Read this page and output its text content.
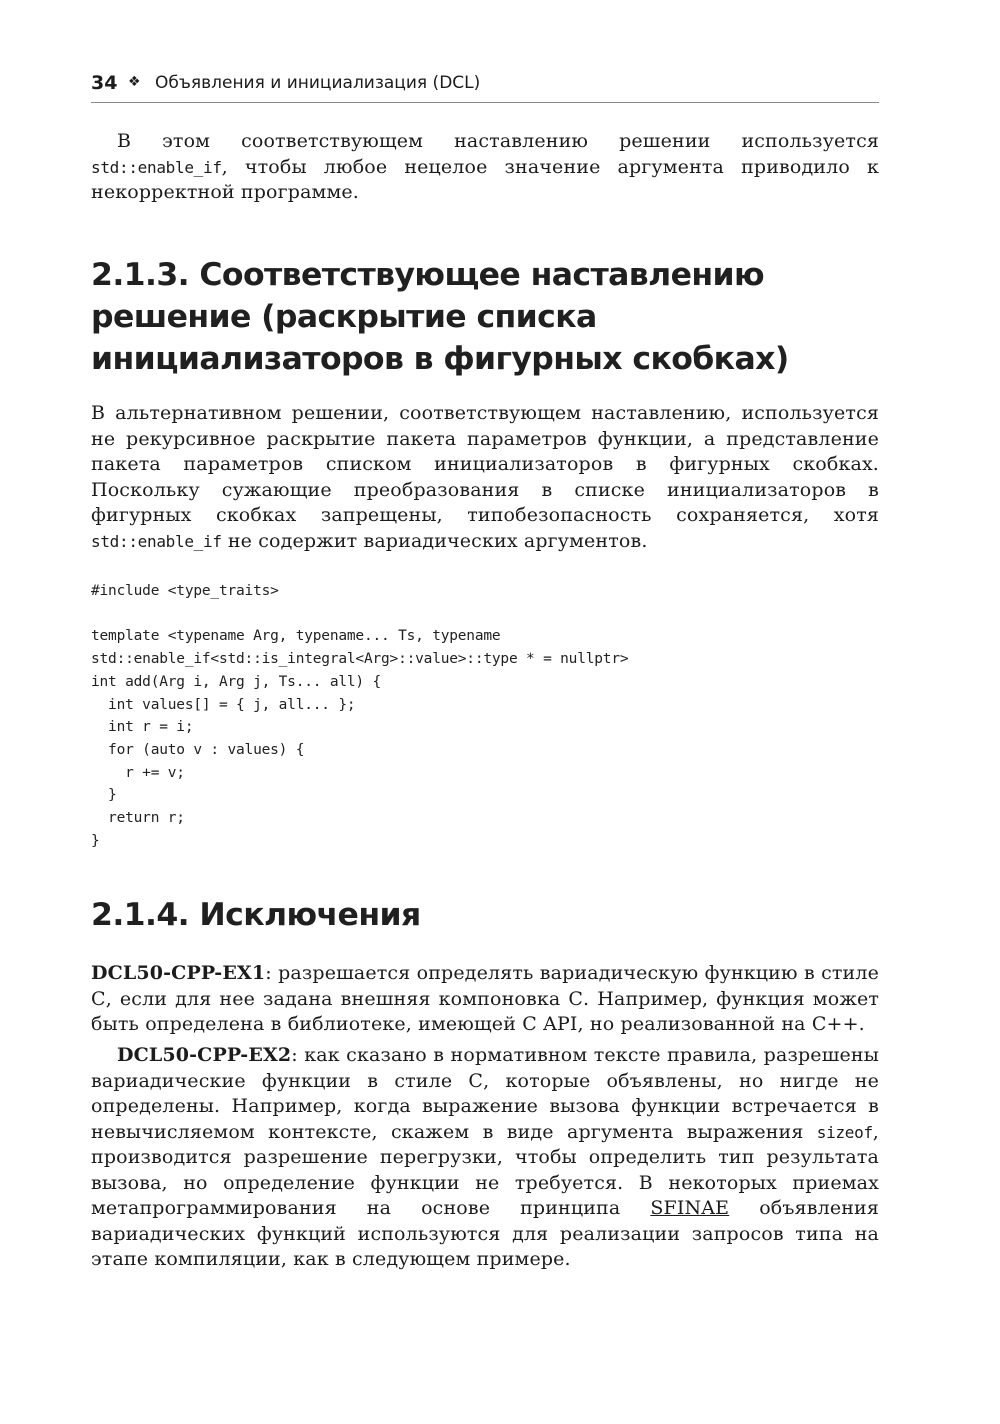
34 ❖ Объявления и инициализация (DCL)

В этом соответствующем наставлению решении используется std::enable_if, чтобы любое нецелое значение аргумента приводило к некорректной программе.

2.1.3. Соответствующее наставлению решение (раскрытие списка инициализаторов в фигурных скобках)

В альтернативном решении, соответствующем наставлению, используется не рекурсивное раскрытие пакета параметров функции, а представление пакета параметров списком инициализаторов в фигурных скобках. Поскольку сужающие преобразования в списке инициализаторов в фигурных скобках запрещены, типобезопасность сохраняется, хотя std::enable_if не содержит вариадических аргументов.

#include <type_traits>

template <typename Arg, typename... Ts, typename
std::enable_if<std::is_integral<Arg>::value>::type * = nullptr>
int add(Arg i, Arg j, Ts... all) {
int values[] = { j, all... };
int r = i;
for (auto v : values) {
r += v;
}
return r;
}
2.1.4. Исключения

DCL50-CPP-EX1: разрешается определять вариадическую функцию в стиле С, если для нее задана внешняя компоновка С. Например, функция может быть определена в библиотеке, имеющей C API, но реализованной на C++.

DCL50-CPP-EX2: как сказано в нормативном тексте правила, разрешены вариадические функции в стиле С, которые объявлены, но нигде не определены. Например, когда выражение вызова функции встречается в невычисляемом контексте, скажем в виде аргумента выражения sizeof, производится разрешение перегрузки, чтобы определить тип результата вызова, но определение функции не требуется. В некоторых приемах метапрограммирования на основе принципа SFINAE объявления вариадических функций используются для реализации запросов типа на этапе компиляции, как в следующем примере.
